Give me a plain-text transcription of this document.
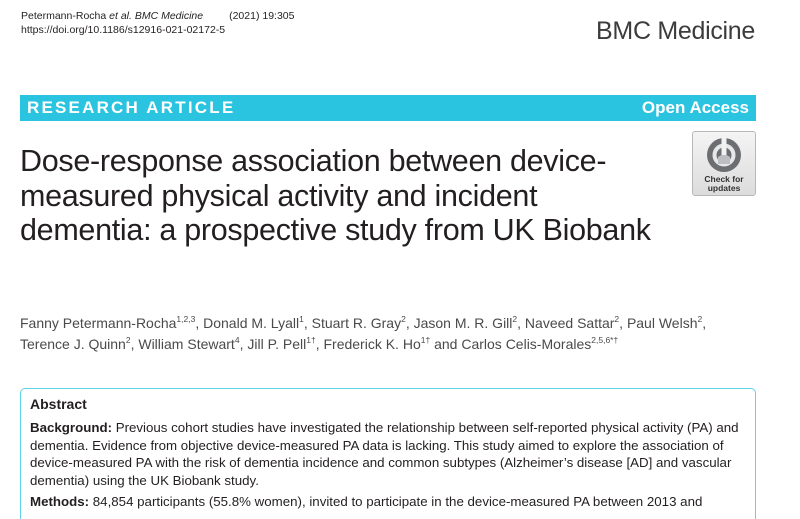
Petermann-Rocha et al. BMC Medicine (2021) 19:305
https://doi.org/10.1186/s12916-021-02172-5	BMC Medicine
RESEARCH ARTICLE	Open Access
Dose-response association between device-measured physical activity and incident dementia: a prospective study from UK Biobank
Check for
updates
Fanny Petermann-Rocha$^{1,2,3}$, Donald M. Lyall$^1$, Stuart R. Gray$^2$, Jason M. R. Gill$^2$, Naveed Sattar$^2$, Paul Welsh$^2$,
Terence J. Quinn$^2$, William Stewart$^4$, Jill P. Pell$^{1\dagger}$, Frederick K. $Ho^{1\dagger}$ and Carlos Celis-Morales$^{2,5,6*\dagger}$
Abstract

Background: Previous cohort studies have investigated the relationship between self-reported physical activity (PA) and dementia. Evidence from objective device-measured PA data is lacking. This study aimed to explore the association of device-measured PA with the risk of dementia incidence and common subtypes (Alzheimer’s disease [AD] and vascular dementia) using the UK Biobank study.

Methods: 84,854 participants (55.8% women), invited to participate in the device-measured PA between 2013 and
